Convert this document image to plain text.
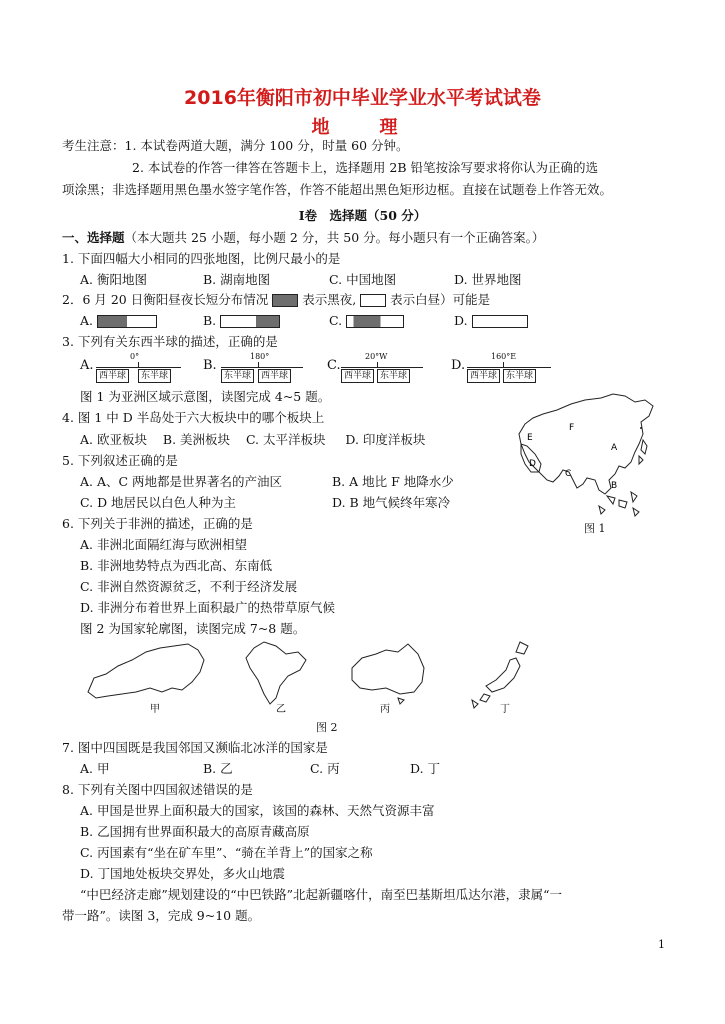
2016年衡阳市初中毕业学业水平考试试卷
地　理
考生注意：1. 本试卷两道大题，满分 100 分，时量 60 分钟。
2. 本试卷的作答一律答在答题卡上，选择题用 2B 铅笔按涂写要求将你认为正确的选
项涂黑；非选择题用黑色墨水签字笔作答，作答不能超出黑色矩形边框。直接在试题卷上作答无效。
Ⅰ卷　选择题（50 分）
一、选择题（本大题共 25 小题，每小题 2 分，共 50 分。每小题只有一个正确答案。）
1. 下面四幅大小相同的四张地图，比例尺最小的是
A. 衡阳地图	B. 湖南地图	C. 中国地图	D. 世界地图
2．6 月 20 日衡阳昼夜长短分布情况	表示黑夜,	表示白昼）可能是
A.	B.	C.	D.
3. 下列有关东西半球的描述，正确的是
A.
0°
西半球	东半球
B.
180°
东半球	西半球
C.
20°W
西半球 东半球
D.
160°E
西半球 东半球
图 1 为亚洲区域示意图，读图完成 4~5 题。
4. 图 1 中 D 半岛处于六大板块中的哪个板块上
A. 欧亚板块 B. 美洲板块 C. 太平洋板块 D. 印度洋板块
5. 下列叙述正确的是
A. A、C 两地都是世界著名的产油区	B. A 地比 F 地降水少
C. D 地居民以白色人种为主	D. B 地气候终年寒冷
6. 下列关于非洲的描述，正确的是
A. 非洲北面隔红海与欧洲相望
B. 非洲地势特点为西北高、东南低
C. 非洲自然资源贫乏，不利于经济发展
D. 非洲分布着世界上面积最广的热带草原气候
图 2 为国家轮廓图，读图完成 7~8 题。
E
F
A
D
C
B
图 1
甲	乙	丙	丁
图 2
7. 图中四国既是我国邻国又濒临北冰洋的国家是
A. 甲	B. 乙	C. 丙	D. 丁
8. 下列有关图中四国叙述错误的是
A. 甲国是世界上面积最大的国家，该国的森林、天然气资源丰富
B. 乙国拥有世界面积最大的高原青藏高原
C. 丙国素有“坐在矿车里”、“骑在羊背上”的国家之称
D. 丁国地处板块交界处，多火山地震
“中巴经济走廊”规划建设的“中巴铁路”北起新疆喀什，南至巴基斯坦瓜达尔港，隶属“一
带一路”。读图 3，完成 9~10 题。
1
